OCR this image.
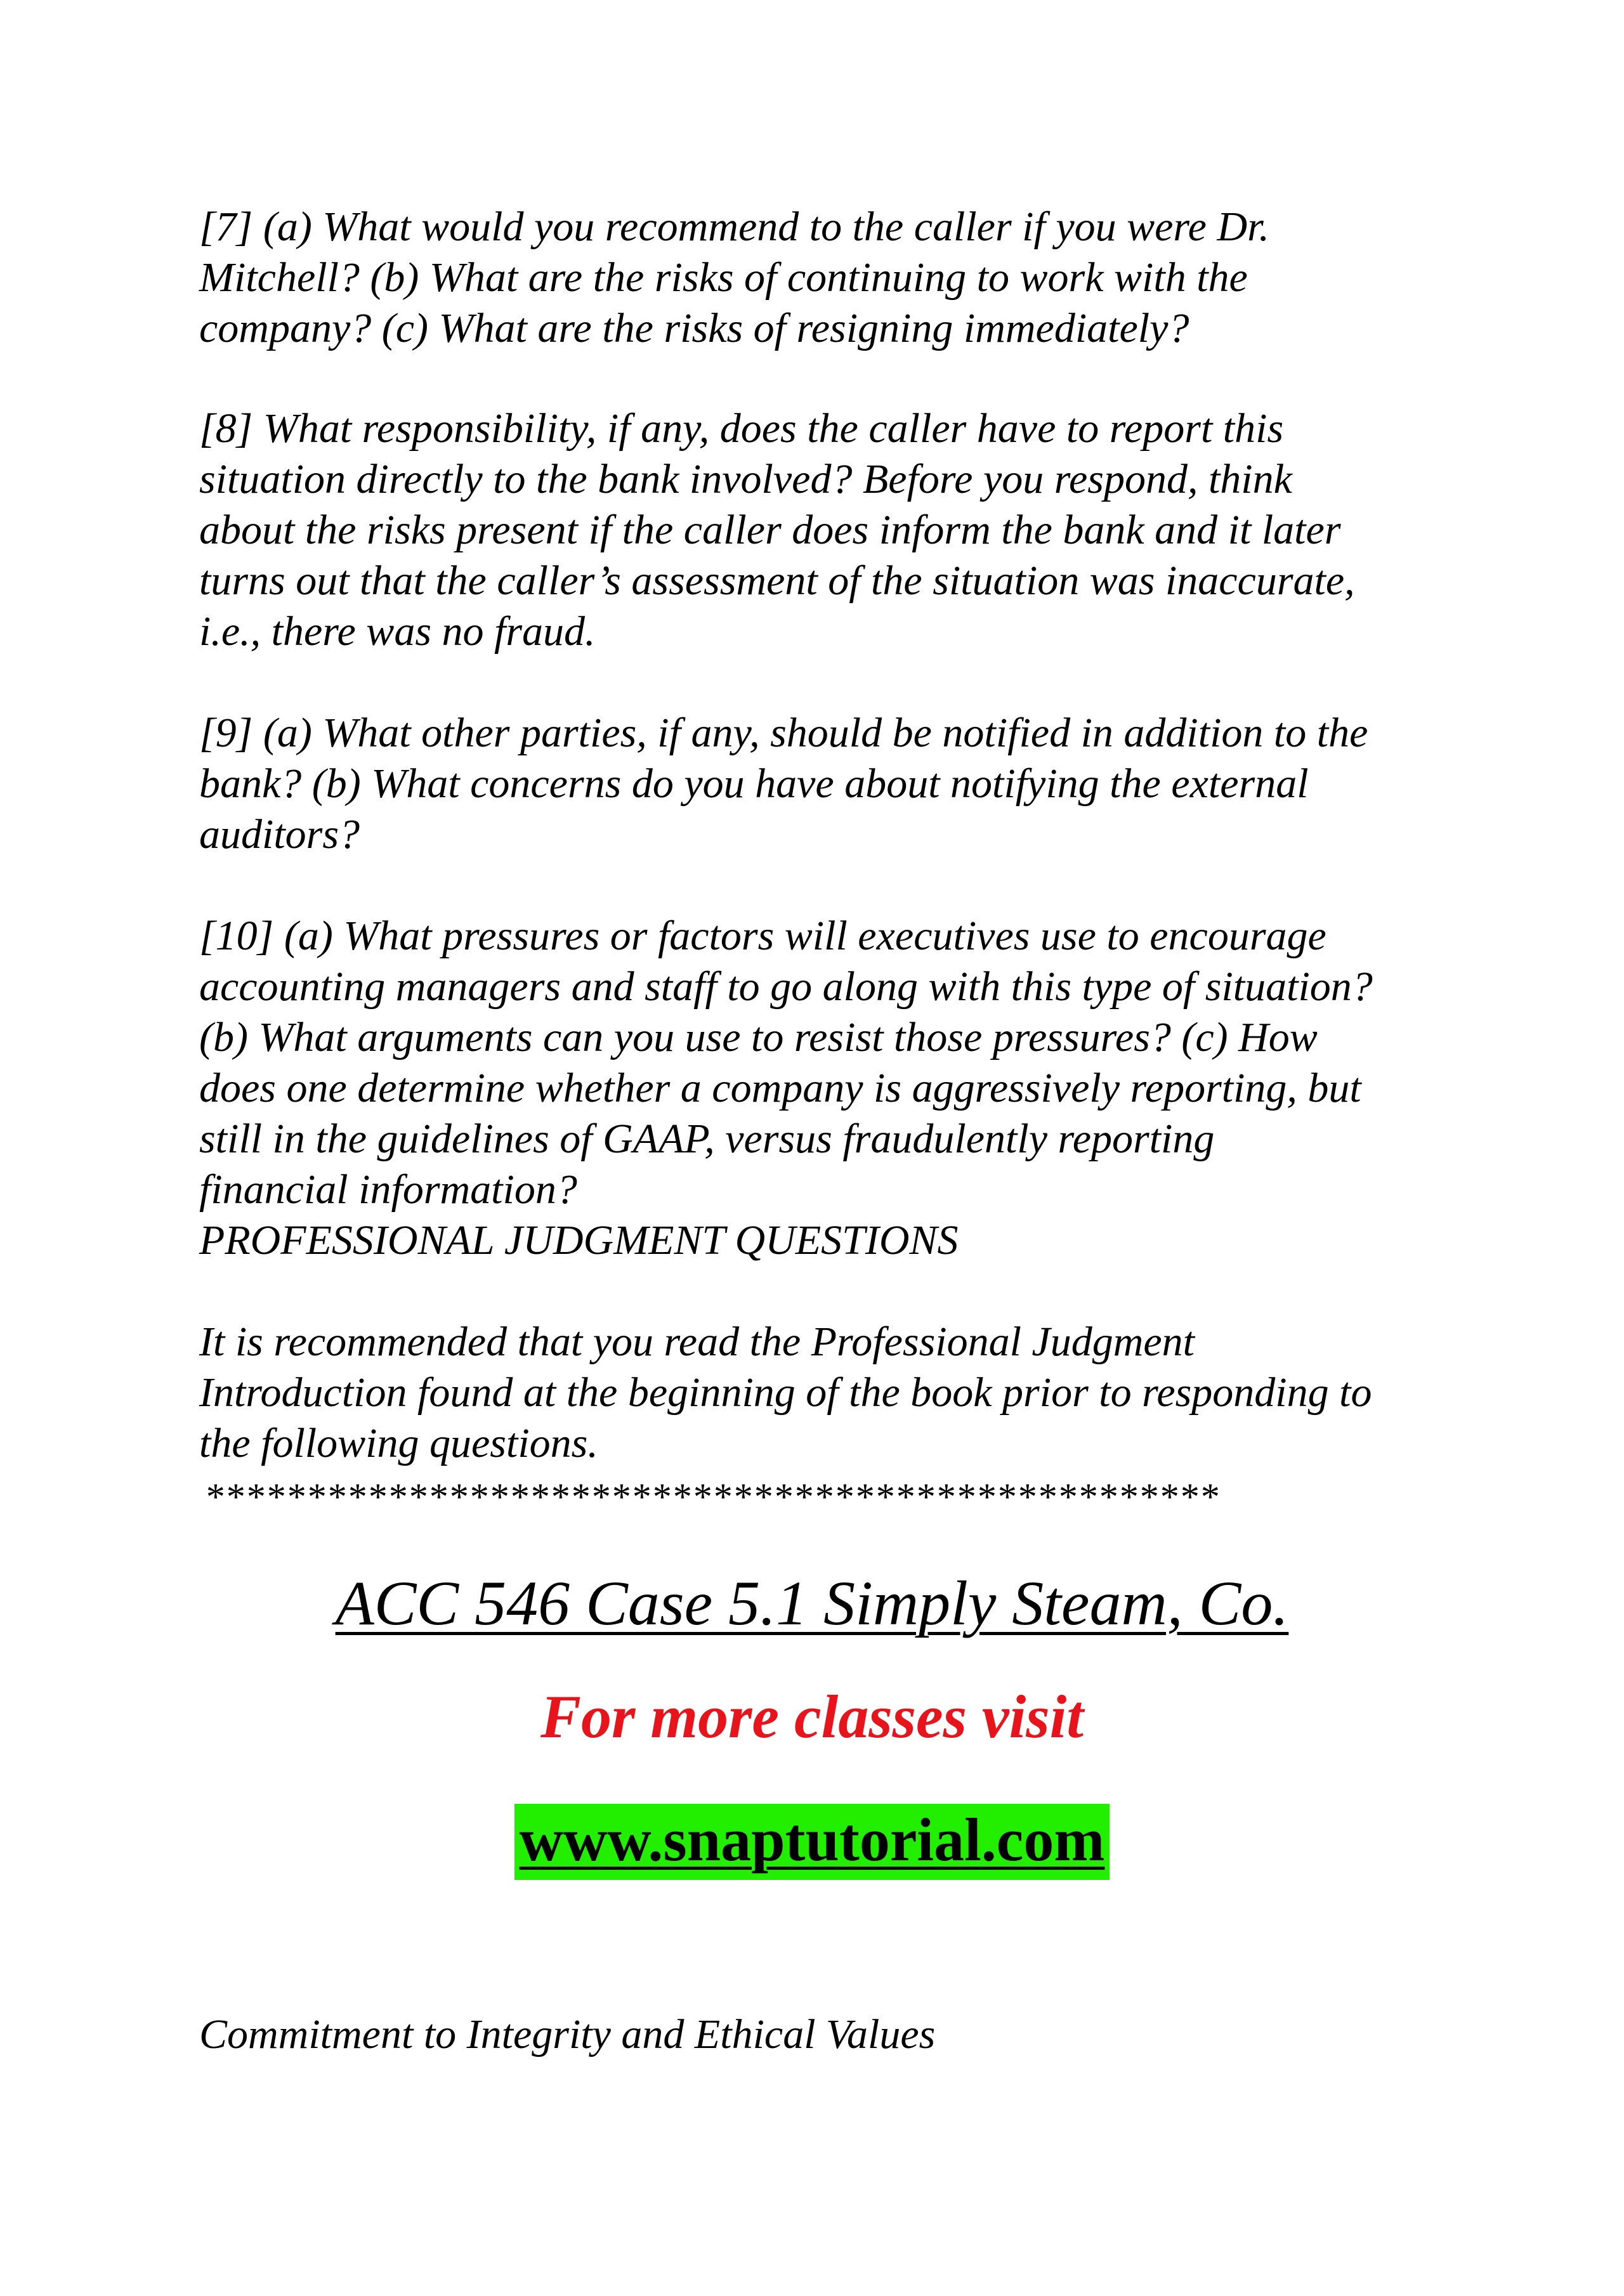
[7] (a) What would you recommend to the caller if you were Dr.
Mitchell? (b) What are the risks of continuing to work with the
company? (c) What are the risks of resigning immediately?
[8] What responsibility, if any, does the caller have to report this
situation directly to the bank involved? Before you respond, think
about the risks present if the caller does inform the bank and it later
turns out that the caller’s assessment of the situation was inaccurate,
i.e., there was no fraud.
[9] (a) What other parties, if any, should be notified in addition to the
bank? (b) What concerns do you have about notifying the external
auditors?
[10] (a) What pressures or factors will executives use to encourage
accounting managers and staff to go along with this type of situation?
(b) What arguments can you use to resist those pressures? (c) How
does one determine whether a company is aggressively reporting, but
still in the guidelines of GAAP, versus fraudulently reporting
financial information?
PROFESSIONAL JUDGMENT QUESTIONS
It is recommended that you read the Professional Judgment
Introduction found at the beginning of the book prior to responding to
the following questions.
**************************************************
ACC 546 Case 5.1 Simply Steam, Co.
For more classes visit
www.snaptutorial.com
Commitment to Integrity and Ethical Values
